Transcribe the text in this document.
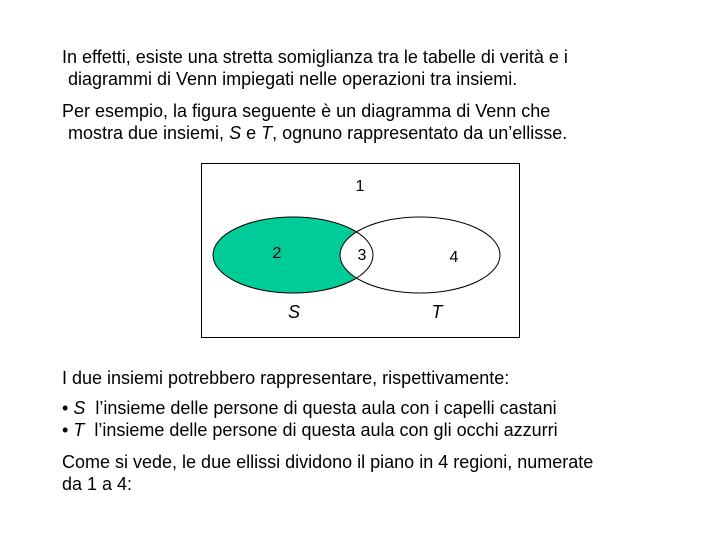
In effetti, esiste una stretta somiglianza tra le tabelle di verità e i
diagrammi di Venn impiegati nelle operazioni tra insiemi.
Per esempio, la figura seguente è un diagramma di Venn che
mostra due insiemi, S e T, ognuno rappresentato da un’ellisse.
1
2	3	4
S	T
I due insiemi potrebbero rappresentare, rispettivamente:
• S l’insieme delle persone di questa aula con i capelli castani
• T l’insieme delle persone di questa aula con gli occhi azzurri
Come si vede, le due ellissi dividono il piano in 4 regioni, numerate
da 1 a 4:
